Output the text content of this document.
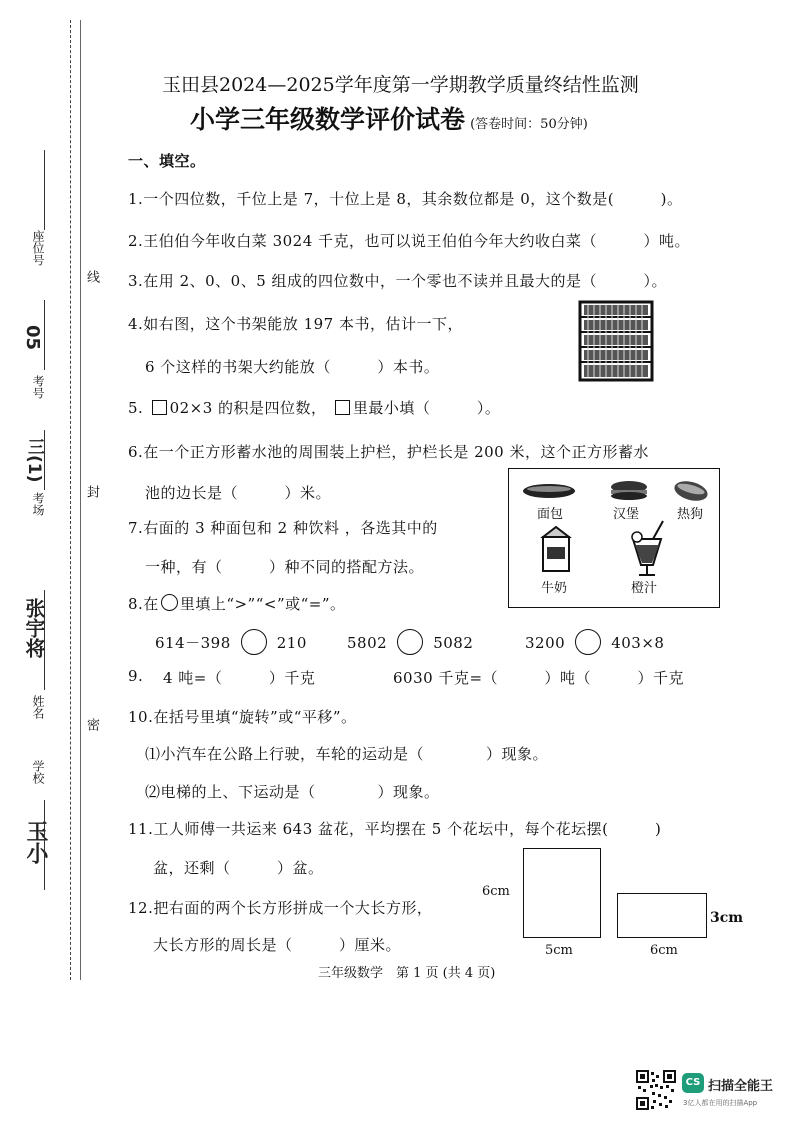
座位号
考号
05
考场
三(1)
姓名
张宇将
学校
玉小
线
封
密
玉田县2024—2025学年度第一学期教学质量终结性监测
小学三年级数学评价试卷 (答卷时间：50分钟)
一、填空。
1.一个四位数，千位上是 7，十位上是 8，其余数位都是 0，这个数是(　　　)。
2.王伯伯今年收白菜 3024 千克，也可以说王伯伯今年大约收白菜（　　　）吨。
3.在用 2、0、0、5 组成的四位数中，一个零也不读并且最大的是（　　　）。
4.如右图，这个书架能放 197 本书，估计一下，
6 个这样的书架大约能放（　　　）本书。
5. 02×3 的积是四位数， 里最小填（　　　）。
6.在一个正方形蓄水池的周围装上护栏，护栏长是 200 米，这个正方形蓄水
池的边长是（　　　）米。
面包	汉堡	热狗
牛奶	橙汁
7.右面的 3 种面包和 2 种饮料 ，各选其中的
一种，有（　　　）种不同的搭配方法。
8.在 里填上“>”“<”或“=”。
614－398	210	5802	5082	3200	403×8
9. 4 吨=（　　　）千克	6030 千克=（　　　）吨（　　　）千克
10.在括号里填“旋转”或“平移”。
⑴小汽车在公路上行驶，车轮的运动是（　　　　）现象。
⑵电梯的上、下运动是（　　　　）现象。
11.工人师傅一共运来 643 盆花，平均摆在 5 个花坛中，每个花坛摆(　　　)
盆，还剩（　　　）盆。
12.把右面的两个长方形拼成一个大长方形，
大长方形的周长是（　　　）厘米。
6cm
5cm
3cm
6cm
三年级数学　第 1 页 (共 4 页)
CS 扫描全能王
3亿人都在用的扫描App
